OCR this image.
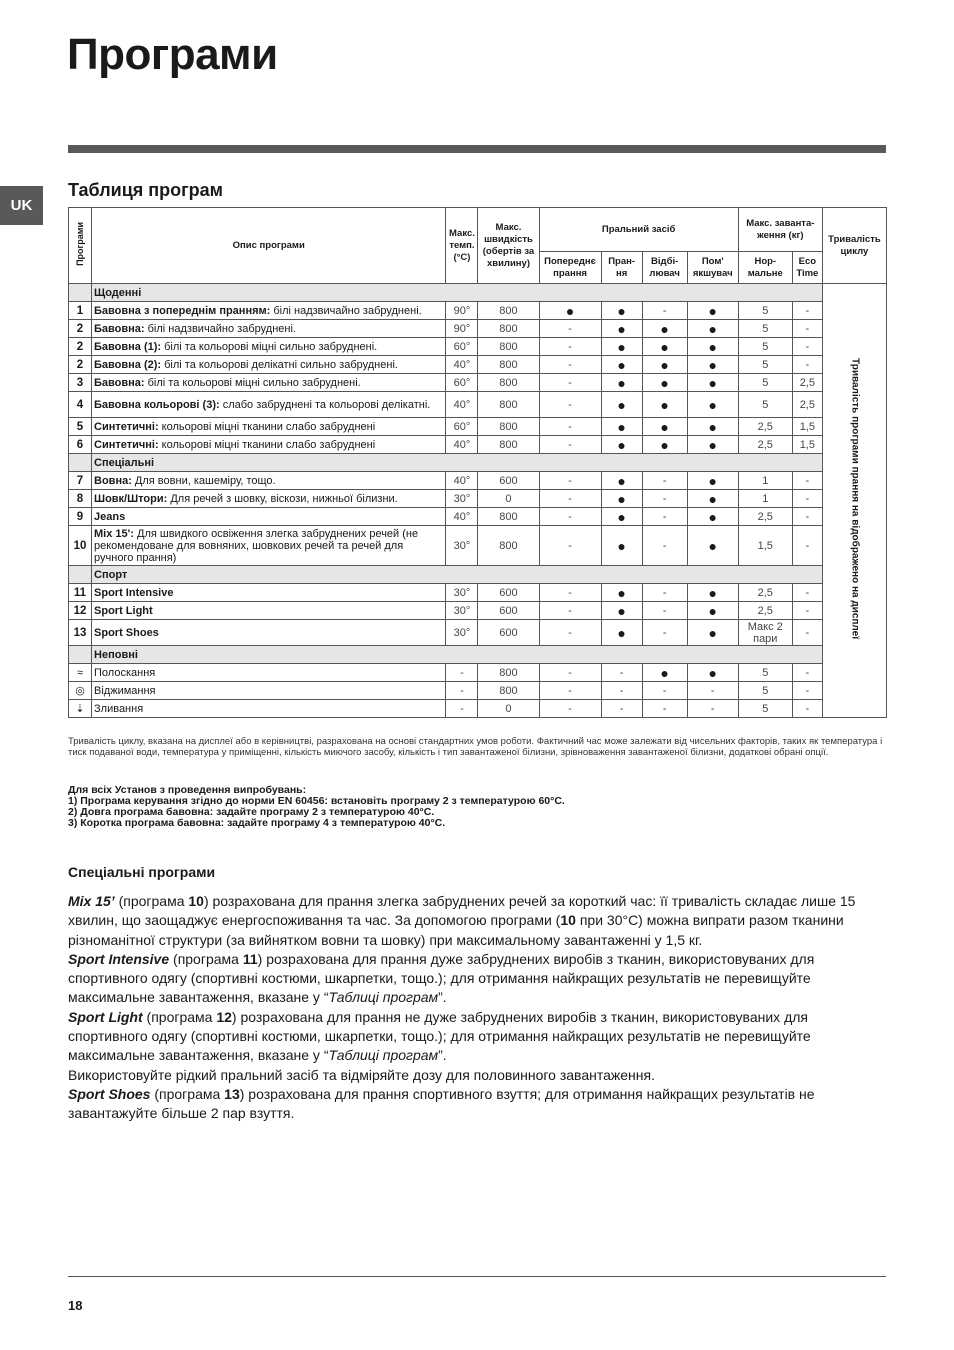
Програми
UK
Таблиця програм
Програми	Опис програми	Макс. темп. (°C)	Макс. швидкість (обертів за хвилину)	Пральний засіб				Макс. заванта- ження (кг)		Тривалість циклу
				Попереднє прання	Пран- ня	Відбі- лювач	Пом' якшувач	Нор- мальне	Eco Time	
	Щоденні									Тривалість програми прання на відображено на дисплеї
1	Бавовна з попереднім пранням: білі надзвичайно забруднені.	90°	800	●	●	-	●	5	-	
2	Бавовна: білі надзвичайно забруднені.	90°	800	-	●	●	●	5	-	
2	Бавовна (1): білі та кольорові міцні сильно забруднені.	60°	800	-	●	●	●	5	-	
2	Бавовна (2): білі та кольорові делікатні сильно забруднені.	40°	800	-	●	●	●	5	-	
3	Бавовна: білі та кольорові міцні сильно забруднені.	60°	800	-	●	●	●	5	2,5	
4	Бавовна кольорові (3): слабо забруднені та кольорові делікатні.	40°	800	-	●	●	●	5	2,5	
5	Синтетичні: кольорові міцні тканини слабо забруднені	60°	800	-	●	●	●	2,5	1,5	
6	Синтетичні: кольорові міцні тканини слабо забруднені	40°	800	-	●	●	●	2,5	1,5	
	Спеціальні									
7	Вовна: Для вовни, кашеміру, тощо.	40°	600	-	●	-	●	1	-	
8	Шовк/Штори: Для речей з шовку, віскози, нижньої білизни.	30°	0	-	●	-	●	1	-	
9	Jeans	40°	800	-	●	-	●	2,5	-	
10	Mix 15': Для швидкого освіження злегка забруднених речей (не рекомендоване для вовняних, шовкових речей та речей для ручного прання)	30°	800	-	●	-	●	1,5	-	
	Спорт									
11	Sport Intensive	30°	600	-	●	-	●	2,5	-	
12	Sport Light	30°	600	-	●	-	●	2,5	-	
13	Sport Shoes	30°	600	-	●	-	●	Макс 2 пари	-	
	Неповні									
≈	Полоскання	-	800	-	-	●	●	5	-	
◎	Віджимання	-	800	-	-	-	-	5	-	
⇣	Зливання	-	0	-	-	-	-	5	-	
Тривалість циклу, вказана на дисплеї або в керівництві, разрахована на основі стандартних умов роботи. Фактичний час може залежати від чисельних факторів, таких як температура і тиск подаваної води, температура у приміщенні, кількість миючого засобу, кількість і тип завантаженої білизни, зрівноваження завантаженої білизни, додаткові обрані опції.
Для всіх Установ з проведення випробувань:
1) Програма керування згідно до норми EN 60456: встановіть програму 2 з температурою 60°C.
2) Довга програма бавовна: задайте програму 2 з температурою 40°C.
3) Коротка програма бавовна: задайте програму 4 з температурою 40°C.
Спеціальні програми

Mix 15’ (програма 10) розрахована для прання злегка забруднених речей за короткий час: її тривалість складає лише 15 хвилин, що заощаджує енергоспоживання та час. За допомогою програми (10 при 30°C) можна випрати разом тканини різноманітної структури (за вийнятком вовни та шовку) при максимальному завантаженні у 1,5 кг.

Sport Intensive (програма 11) розрахована для прання дуже забруднених виробів з тканин, використовуваних для спортивного одягу (спортивні костюми, шкарпетки, тощо.); для отримання найкращих результатів не перевищуйте максимальне завантаження, вказане у “Таблиці програм”.

Sport Light (програма 12) розрахована для прання не дуже забруднених виробів з тканин, використовуваних для спортивного одягу (спортивні костюми, шкарпетки, тощо.); для отримання найкращих результатів не перевищуйте максимальне завантаження, вказане у “Таблиці програм”.

Використовуйте рідкий пральний засіб та відміряйте дозу для половинного завантаження.

Sport Shoes (програма 13) розрахована для прання спортивного взуття; для отримання найкращих результатів не завантажуйте більше 2 пар взуття.

18
